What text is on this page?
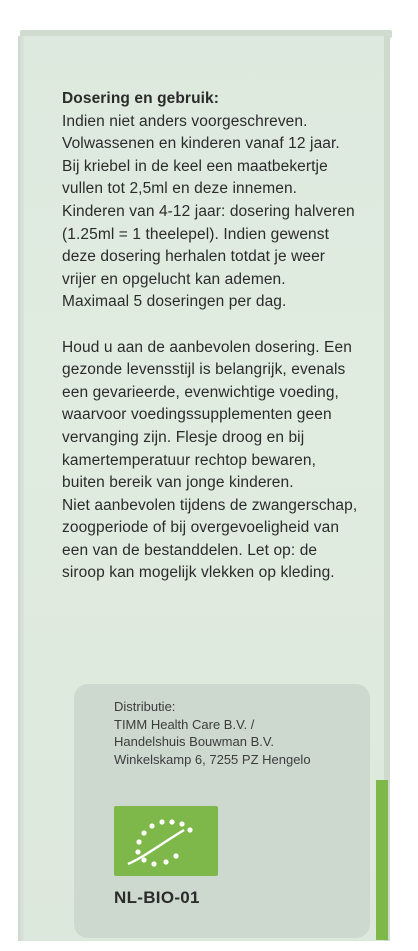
Distributie:
TIMM Health Care B.V. /
Handelshuis Bouwman B.V.
Winkelskamp 6, 7255 PZ Hengelo
NL-BIO-01
Dosering en gebruik:
Indien niet anders voorgeschreven.
Volwassenen en kinderen vanaf 12 jaar.
Bij kriebel in de keel een maatbekertje
vullen tot 2,5ml en deze innemen.
Kinderen van 4-12 jaar: dosering halveren
(1.25ml = 1 theelepel). Indien gewenst
deze dosering herhalen totdat je weer
vrijer en opgelucht kan ademen.
Maximaal 5 doseringen per dag.
Houd u aan de aanbevolen dosering. Een
gezonde levensstijl is belangrijk, evenals
een gevarieerde, evenwichtige voeding,
waarvoor voedingssupplementen geen
vervanging zijn. Flesje droog en bij
kamertemperatuur rechtop bewaren,
buiten bereik van jonge kinderen.
Niet aanbevolen tijdens de zwangerschap,
zoogperiode of bij overgevoeligheid van
een van de bestanddelen. Let op: de
siroop kan mogelijk vlekken op kleding.
